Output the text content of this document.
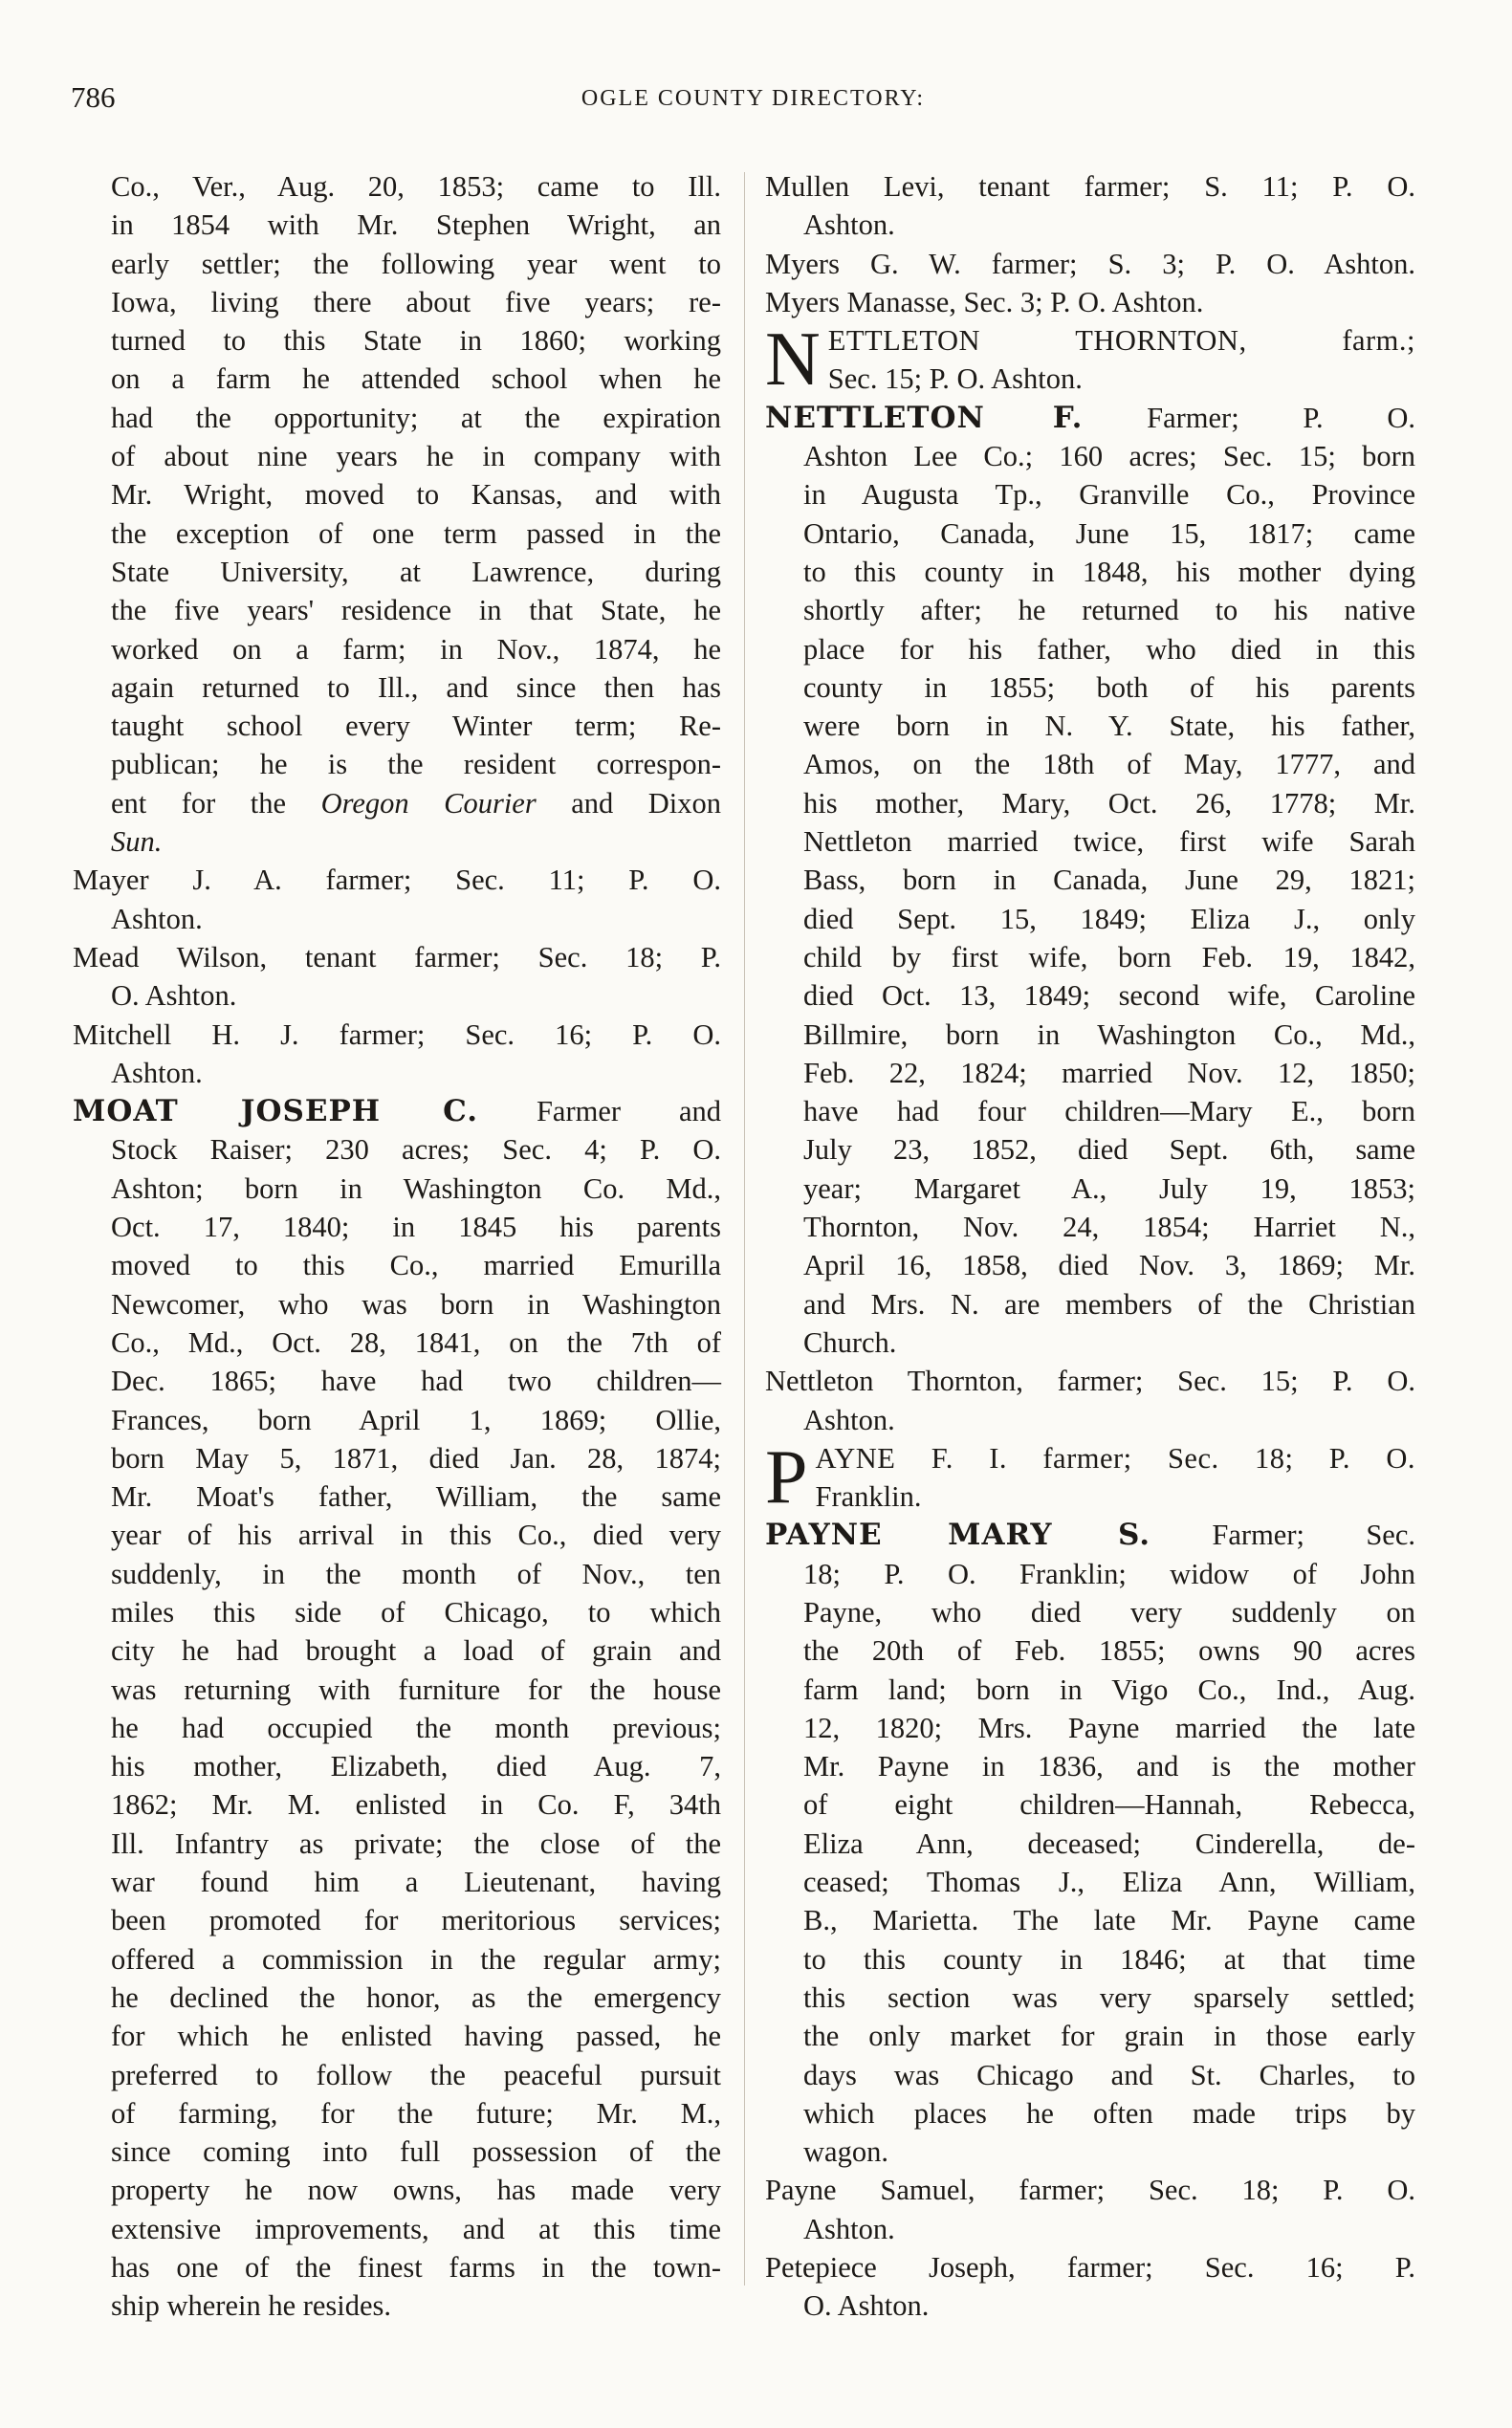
786	OGLE COUNTY DIRECTORY:
Co., Ver., Aug. 20, 1853; came to Ill.
in 1854 with Mr. Stephen Wright, an
early settler; the following year went to
Iowa, living there about five years; re-
turned to this State in 1860; working
on a farm he attended school when he
had the opportunity; at the expiration
of about nine years he in company with
Mr. Wright, moved to Kansas, and with
the exception of one term passed in the
State University, at Lawrence, during
the five years' residence in that State, he
worked on a farm; in Nov., 1874, he
again returned to Ill., and since then has
taught school every Winter term; Re-
publican; he is the resident correspon-
ent for the Oregon Courier and Dixon
Sun.
Mayer J. A. farmer; Sec. 11; P. O.
Ashton.
Mead Wilson, tenant farmer; Sec. 18; P.
O. Ashton.
Mitchell H. J. farmer; Sec. 16; P. O.
Ashton.
MOAT JOSEPH C. Farmer and
Stock Raiser; 230 acres; Sec. 4; P. O.
Ashton; born in Washington Co. Md.,
Oct. 17, 1840; in 1845 his parents
moved to this Co., married Emurilla
Newcomer, who was born in Washington
Co., Md., Oct. 28, 1841, on the 7th of
Dec. 1865; have had two children—
Frances, born April 1, 1869; Ollie,
born May 5, 1871, died Jan. 28, 1874;
Mr. Moat's father, William, the same
year of his arrival in this Co., died very
suddenly, in the month of Nov., ten
miles this side of Chicago, to which
city he had brought a load of grain and
was returning with furniture for the house
he had occupied the month previous;
his mother, Elizabeth, died Aug. 7,
1862; Mr. M. enlisted in Co. F, 34th
Ill. Infantry as private; the close of the
war found him a Lieutenant, having
been promoted for meritorious services;
offered a commission in the regular army;
he declined the honor, as the emergency
for which he enlisted having passed, he
preferred to follow the peaceful pursuit
of farming, for the future; Mr. M.,
since coming into full possession of the
property he now owns, has made very
extensive improvements, and at this time
has one of the finest farms in the town-
ship wherein he resides.
Mullen Levi, tenant farmer; S. 11; P. O.
Ashton.
Myers G. W. farmer; S. 3; P. O. Ashton.
Myers Manasse, Sec. 3; P. O. Ashton.
N ETTLETON THORNTON, farm.;
Sec. 15; P. O. Ashton.
NETTLETON F. Farmer; P. O.
Ashton Lee Co.; 160 acres; Sec. 15; born
in Augusta Tp., Granville Co., Province
Ontario, Canada, June 15, 1817; came
to this county in 1848, his mother dying
shortly after; he returned to his native
place for his father, who died in this
county in 1855; both of his parents
were born in N. Y. State, his father,
Amos, on the 18th of May, 1777, and
his mother, Mary, Oct. 26, 1778; Mr.
Nettleton married twice, first wife Sarah
Bass, born in Canada, June 29, 1821;
died Sept. 15, 1849; Eliza J., only
child by first wife, born Feb. 19, 1842,
died Oct. 13, 1849; second wife, Caroline
Billmire, born in Washington Co., Md.,
Feb. 22, 1824; married Nov. 12, 1850;
have had four children—Mary E., born
July 23, 1852, died Sept. 6th, same
year; Margaret A., July 19, 1853;
Thornton, Nov. 24, 1854; Harriet N.,
April 16, 1858, died Nov. 3, 1869; Mr.
and Mrs. N. are members of the Christian
Church.
Nettleton Thornton, farmer; Sec. 15; P. O.
Ashton.
P AYNE F. I. farmer; Sec. 18; P. O.
Franklin.
PAYNE MARY S. Farmer; Sec.
18; P. O. Franklin; widow of John
Payne, who died very suddenly on
the 20th of Feb. 1855; owns 90 acres
farm land; born in Vigo Co., Ind., Aug.
12, 1820; Mrs. Payne married the late
Mr. Payne in 1836, and is the mother
of eight children—Hannah, Rebecca,
Eliza Ann, deceased; Cinderella, de-
ceased; Thomas J., Eliza Ann, William,
B., Marietta. The late Mr. Payne came
to this county in 1846; at that time
this section was very sparsely settled;
the only market for grain in those early
days was Chicago and St. Charles, to
which places he often made trips by
wagon.
Payne Samuel, farmer; Sec. 18; P. O.
Ashton.
Petepiece Joseph, farmer; Sec. 16; P.
O. Ashton.
